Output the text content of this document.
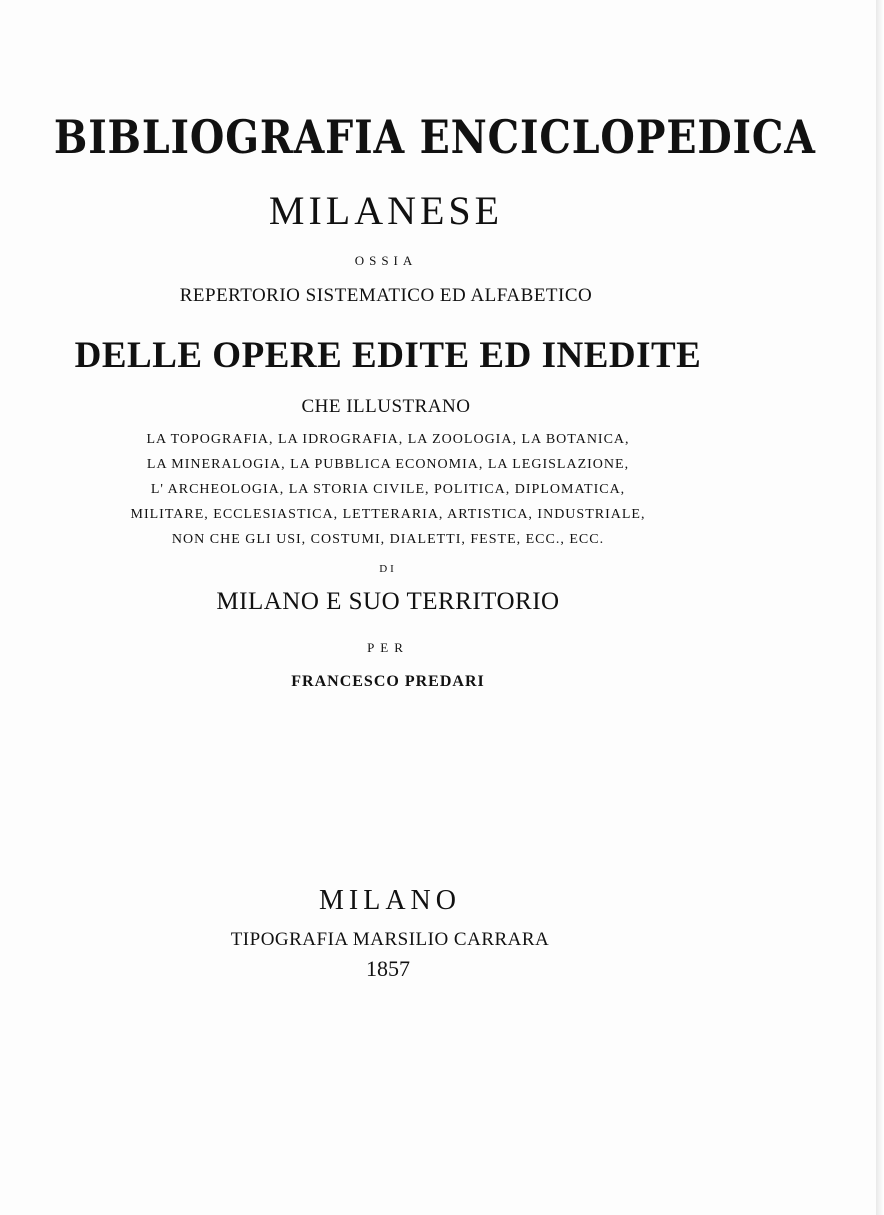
BIBLIOGRAFIA ENCICLOPEDICA
MILANESE
OSSIA
REPERTORIO SISTEMATICO ED ALFABETICO
DELLE OPERE EDITE ED INEDITE
CHE ILLUSTRANO
LA TOPOGRAFIA, LA IDROGRAFIA, LA ZOOLOGIA, LA BOTANICA,
LA MINERALOGIA, LA PUBBLICA ECONOMIA, LA LEGISLAZIONE,
L' ARCHEOLOGIA, LA STORIA CIVILE, POLITICA, DIPLOMATICA,
MILITARE, ECCLESIASTICA, LETTERARIA, ARTISTICA, INDUSTRIALE,
NON CHE GLI USI, COSTUMI, DIALETTI, FESTE, ECC., ECC.
DI
MILANO E SUO TERRITORIO
PER
FRANCESCO PREDARI
MILANO
TIPOGRAFIA MARSILIO CARRARA
1857
